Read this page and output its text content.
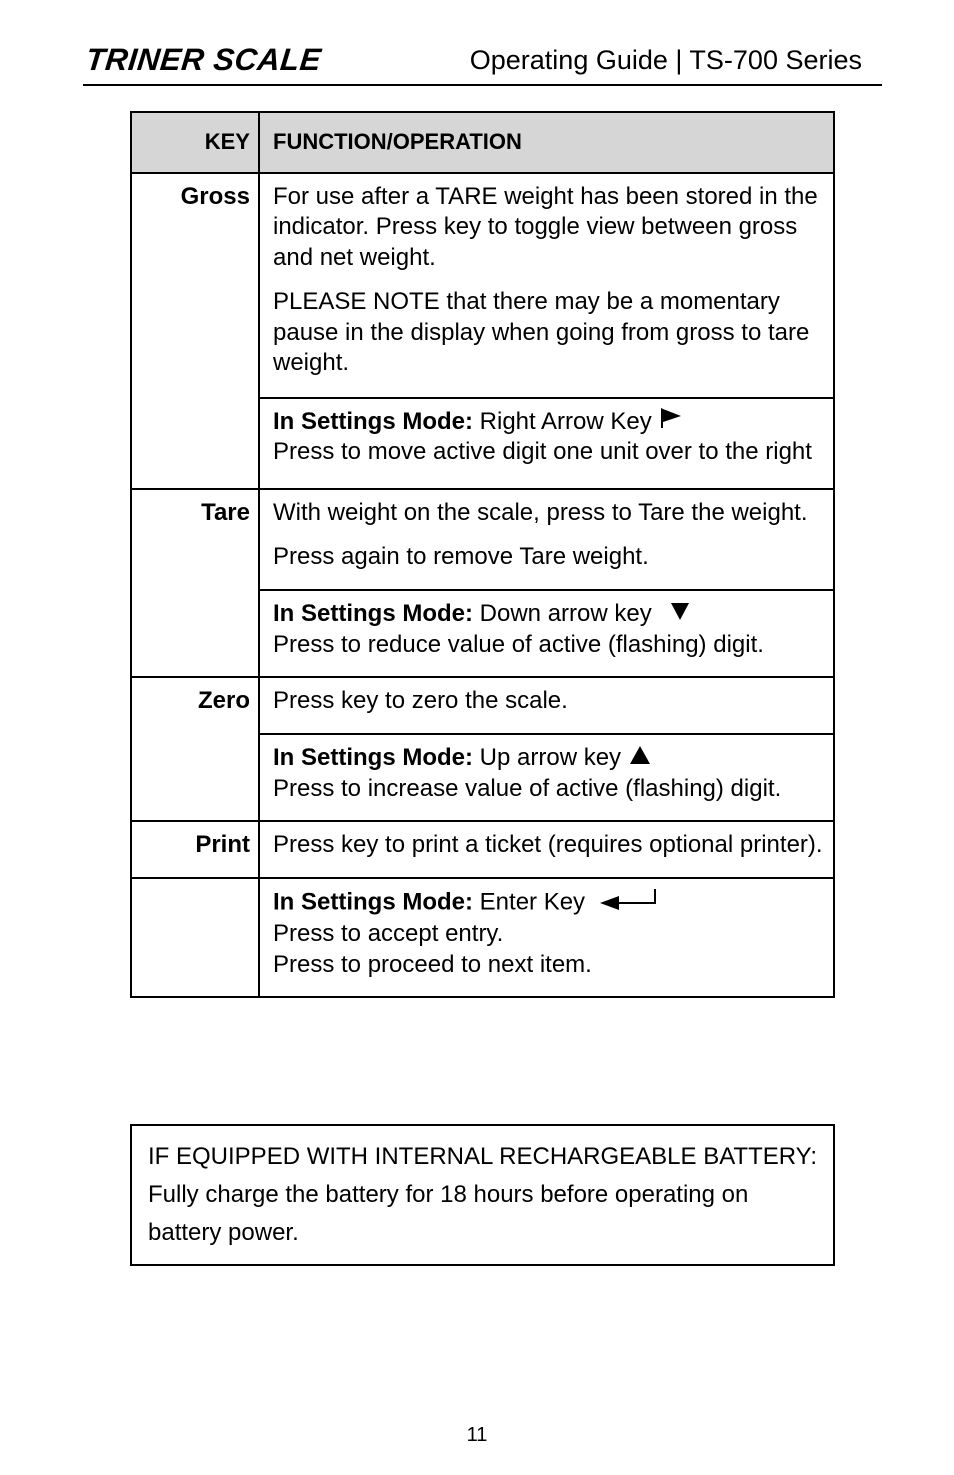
TRINER SCALE	Operating Guide | TS-700 Series
KEY	FUNCTION/OPERATION
Gross	For use after a TARE weight has been stored in the indicator. Press key to toggle view between gross and net weight.

PLEASE NOTE that there may be a momentary pause in the display when going from gross to tare weight.

	In Settings Mode: Right Arrow Key
Press to move active digit one unit over to the right
Tare	With weight on the scale, press to Tare the weight.

Press again to remove Tare weight.

	In Settings Mode: Down arrow key
Press to reduce value of active (flashing) digit.
Zero	Press key to zero the scale.

	In Settings Mode: Up arrow key
Press to increase value of active (flashing) digit.
Print	Press key to print a ticket (requires optional printer).

	In Settings Mode: Enter Key
Press to accept entry.
Press to proceed to next item.
IF EQUIPPED WITH INTERNAL RECHARGEABLE BATTERY: Fully charge the battery for 18 hours before operating on battery power.
11
